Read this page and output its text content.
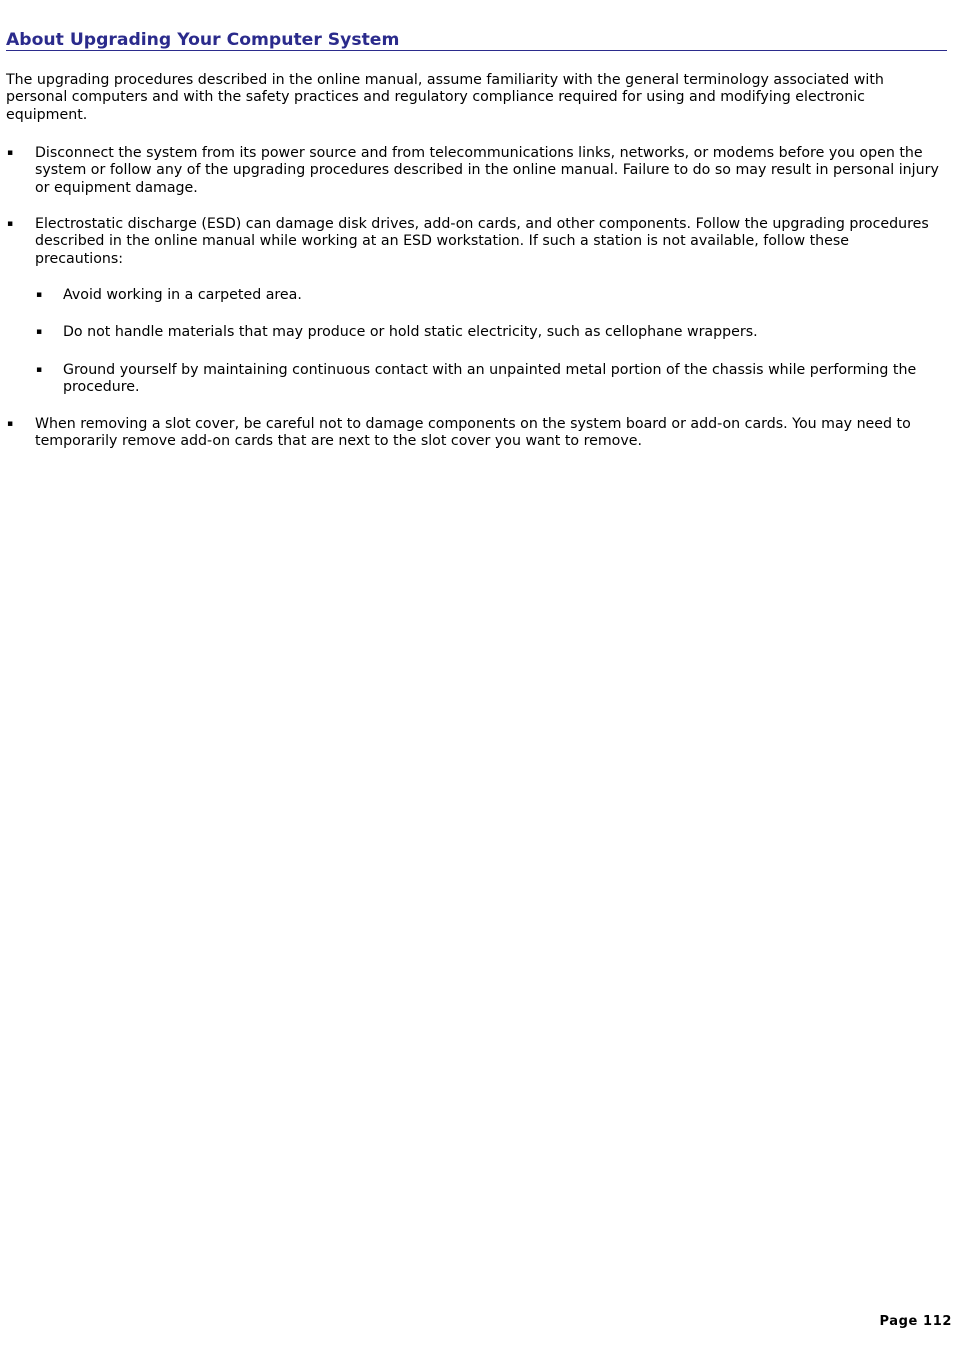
About Upgrading Your Computer System

The upgrading procedures described in the online manual, assume familiarity with the general terminology associated with personal computers and with the safety practices and regulatory compliance required for using and modifying electronic equipment.

▪ Disconnect the system from its power source and from telecommunications links, networks, or modems before you open the system or follow any of the upgrading procedures described in the online manual. Failure to do so may result in personal injury or equipment damage.

▪ Electrostatic discharge (ESD) can damage disk drives, add-on cards, and other components. Follow the upgrading procedures described in the online manual while working at an ESD workstation. If such a station is not available, follow these precautions:

▪ Avoid working in a carpeted area.

▪ Do not handle materials that may produce or hold static electricity, such as cellophane wrappers.

▪ Ground yourself by maintaining continuous contact with an unpainted metal portion of the chassis while performing the procedure.

▪ When removing a slot cover, be careful not to damage components on the system board or add-on cards. You may need to temporarily remove add-on cards that are next to the slot cover you want to remove.

Page 112
